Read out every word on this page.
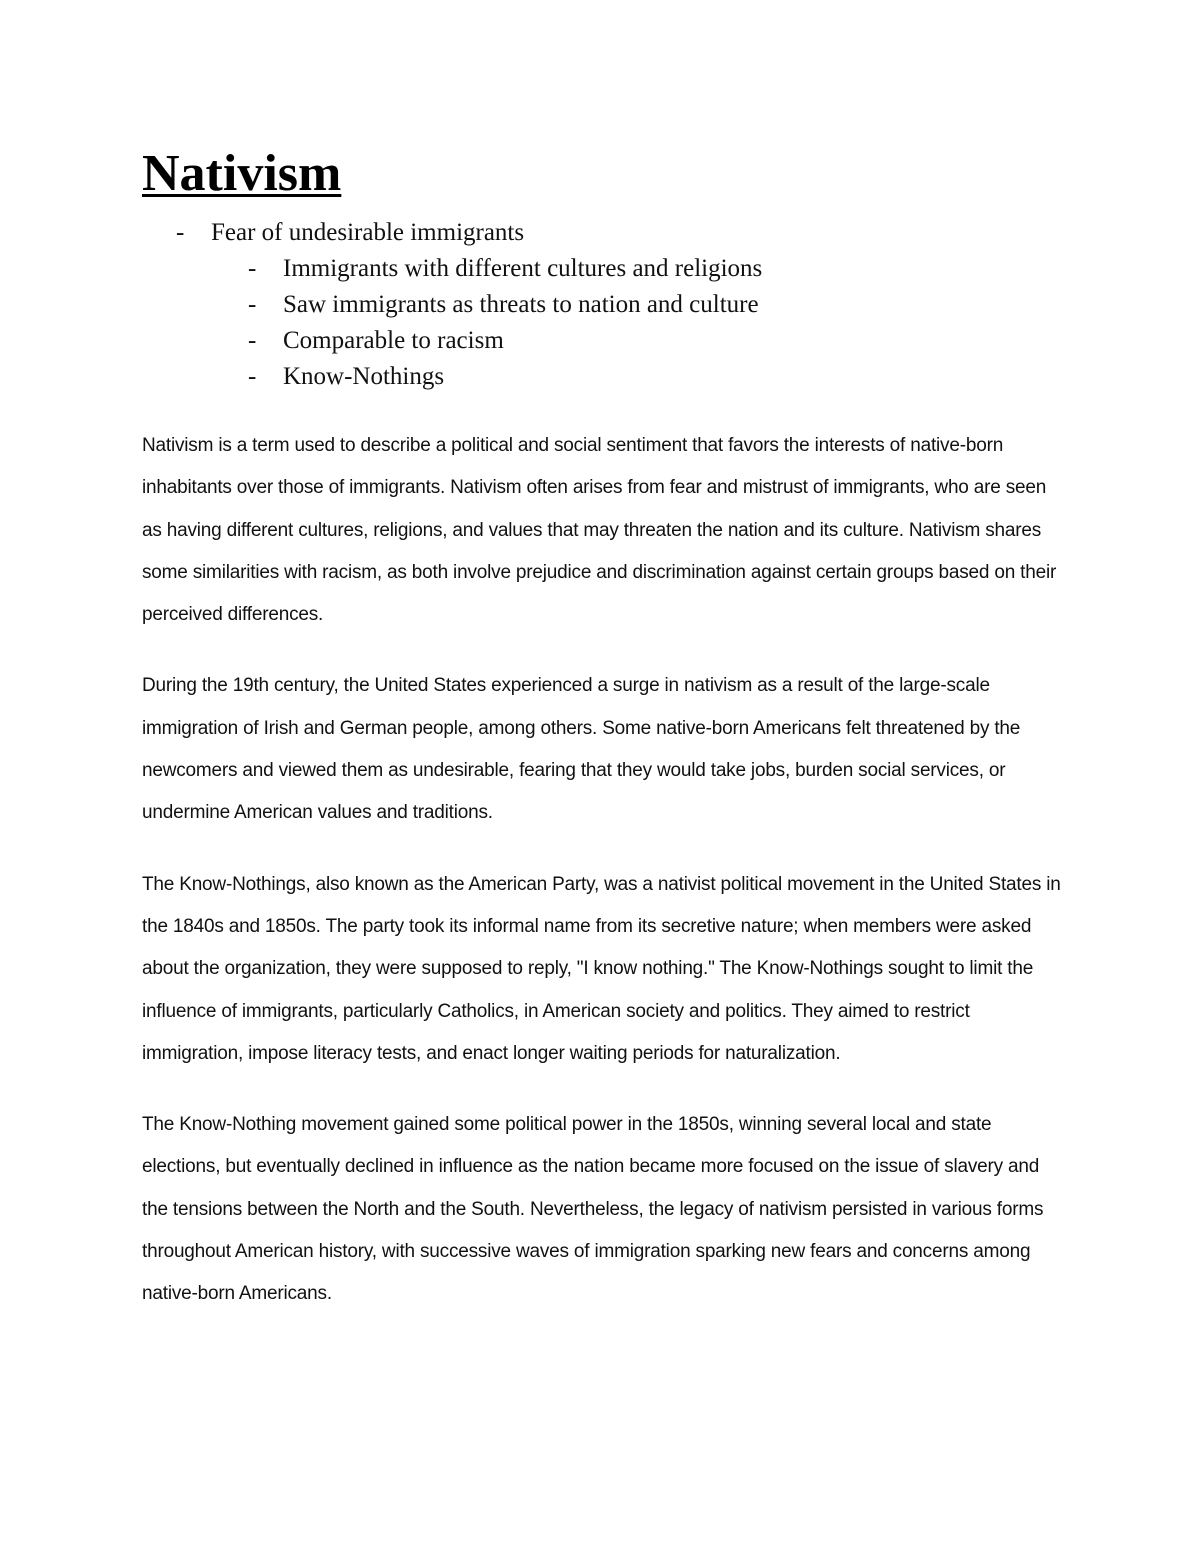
Nativism
- Fear of undesirable immigrants
- Immigrants with different cultures and religions
- Saw immigrants as threats to nation and culture
- Comparable to racism
- Know-Nothings

Nativism is a term used to describe a political and social sentiment that favors the interests of native-born inhabitants over those of immigrants. Nativism often arises from fear and mistrust of immigrants, who are seen as having different cultures, religions, and values that may threaten the nation and its culture. Nativism shares some similarities with racism, as both involve prejudice and discrimination against certain groups based on their perceived differences.

During the 19th century, the United States experienced a surge in nativism as a result of the large-scale immigration of Irish and German people, among others. Some native-born Americans felt threatened by the newcomers and viewed them as undesirable, fearing that they would take jobs, burden social services, or undermine American values and traditions.

The Know-Nothings, also known as the American Party, was a nativist political movement in the United States in the 1840s and 1850s. The party took its informal name from its secretive nature; when members were asked about the organization, they were supposed to reply, "I know nothing." The Know-Nothings sought to limit the influence of immigrants, particularly Catholics, in American society and politics. They aimed to restrict immigration, impose literacy tests, and enact longer waiting periods for naturalization.

The Know-Nothing movement gained some political power in the 1850s, winning several local and state elections, but eventually declined in influence as the nation became more focused on the issue of slavery and the tensions between the North and the South. Nevertheless, the legacy of nativism persisted in various forms throughout American history, with successive waves of immigration sparking new fears and concerns among native-born Americans.
